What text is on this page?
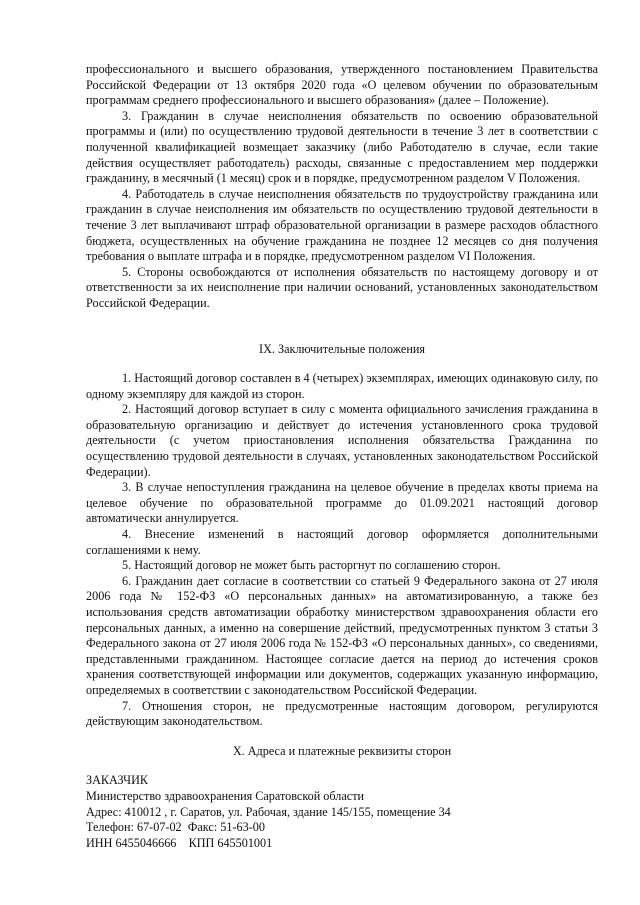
профессионального и высшего образования, утвержденного постановлением Правительства Российской Федерации от 13 октября 2020 года «О целевом обучении по образовательным программам среднего профессионального и высшего образования» (далее – Положение).

3. Гражданин в случае неисполнения обязательств по освоению образовательной программы и (или) по осуществлению трудовой деятельности в течение 3 лет в соответствии с полученной квалификацией возмещает заказчику (либо Работодателю в случае, если такие действия осуществляет работодатель) расходы, связанные с предоставлением мер поддержки гражданину, в месячный (1 месяц) срок и в порядке, предусмотренном разделом V Положения.

4. Работодатель в случае неисполнения обязательств по трудоустройству гражданина или гражданин в случае неисполнения им обязательств по осуществлению трудовой деятельности в течение 3 лет выплачивают штраф образовательной организации в размере расходов областного бюджета, осуществленных на обучение гражданина не позднее 12 месяцев со дня получения требования о выплате штрафа и в порядке, предусмотренном разделом VI Положения.

5. Стороны освобождаются от исполнения обязательств по настоящему договору и от ответственности за их неисполнение при наличии оснований, установленных законодательством Российской Федерации.

IX. Заключительные положения

1. Настоящий договор составлен в 4 (четырех) экземплярах, имеющих одинаковую силу, по одному экземпляру для каждой из сторон.

2. Настоящий договор вступает в силу с момента официального зачисления гражданина в образовательную организацию и действует до истечения установленного срока трудовой деятельности (с учетом приостановления исполнения обязательства Гражданина по осуществлению трудовой деятельности в случаях, установленных законодательством Российской Федерации).

3. В случае непоступления гражданина на целевое обучение в пределах квоты приема на целевое обучение по образовательной программе до 01.09.2021 настоящий договор автоматически аннулируется.

4. Внесение изменений в настоящий договор оформляется дополнительными соглашениями к нему.

5. Настоящий договор не может быть расторгнут по соглашению сторон.

6. Гражданин дает согласие в соответствии со статьей 9 Федерального закона от 27 июля 2006 года № 152-ФЗ «О персональных данных» на автоматизированную, а также без использования средств автоматизации обработку министерством здравоохранения области его персональных данных, а именно на совершение действий, предусмотренных пунктом 3 статьи 3 Федерального закона от 27 июля 2006 года № 152-ФЗ «О персональных данных», со сведениями, представленными гражданином. Настоящее согласие дается на период до истечения сроков хранения соответствующей информации или документов, содержащих указанную информацию, определяемых в соответствии с законодательством Российской Федерации.

7. Отношения сторон, не предусмотренные настоящим договором, регулируются действующим законодательством.

X. Адреса и платежные реквизиты сторон

ЗАКАЗЧИК

Министерство здравоохранения Саратовской области

Адрес: 410012 , г. Саратов, ул. Рабочая, здание 145/155, помещение 34

Телефон: 67-07-02  Факс: 51-63-00

ИНН 6455046666    КПП 645501001
